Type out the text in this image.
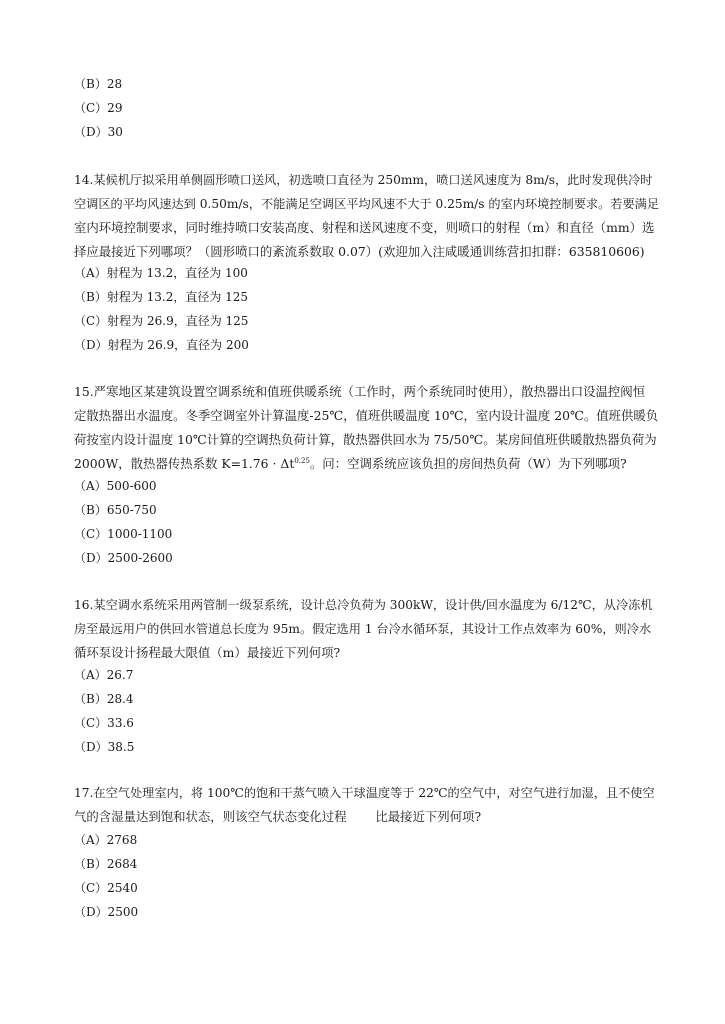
（B）28
（C）29
（D）30
14.某候机厅拟采用单侧圆形喷口送风，初选喷口直径为 250mm，喷口送风速度为 8m/s，此时发现供冷时
空调区的平均风速达到 0.50m/s，不能满足空调区平均风速不大于 0.25m/s 的室内环境控制要求。若要满足
室内环境控制要求，同时维持喷口安装高度、射程和送风速度不变，则喷口的射程（m）和直径（mm）选
择应最接近下列哪项？（圆形喷口的紊流系数取 0.07）(欢迎加入注咸暖通训练营扣扣群：635810606)
（A）射程为 13.2，直径为 100
（B）射程为 13.2，直径为 125
（C）射程为 26.9，直径为 125
（D）射程为 26.9，直径为 200
15.严寒地区某建筑设置空调系统和值班供暖系统（工作时，两个系统同时使用），散热器出口设温控阀恒
定散热器出水温度。冬季空调室外计算温度-25℃，值班供暖温度 10℃，室内设计温度 20℃。值班供暖负
荷按室内设计温度 10℃计算的空调热负荷计算，散热器供回水为 75/50℃。某房间值班供暖散热器负荷为
2000W，散热器传热系数 $K=1.76 \cdot \Delta t^{0.25}$。问：空调系统应该负担的房间热负荷（W）为下列哪项?
（A）500-600
（B）650-750
（C）1000-1100
（D）2500-2600
16.某空调水系统采用两管制一级泵系统，设计总冷负荷为 300kW，设计供/回水温度为 6/12℃，从冷冻机
房至最远用户的供回水管道总长度为 95m。假定选用 1 台冷水循环泵，其设计工作点效率为 60%，则冷水
循环泵设计扬程最大限值（m）最接近下列何项?
（A）26.7
（B）28.4
（C）33.6
（D）38.5
17.在空气处理室内，将 100℃的饱和干蒸气喷入干球温度等于 22℃的空气中，对空气进行加湿，且不使空
气的含湿量达到饱和状态，则该空气状态变化过程 　　比最接近下列何项?
（A）2768
（B）2684
（C）2540
（D）2500
